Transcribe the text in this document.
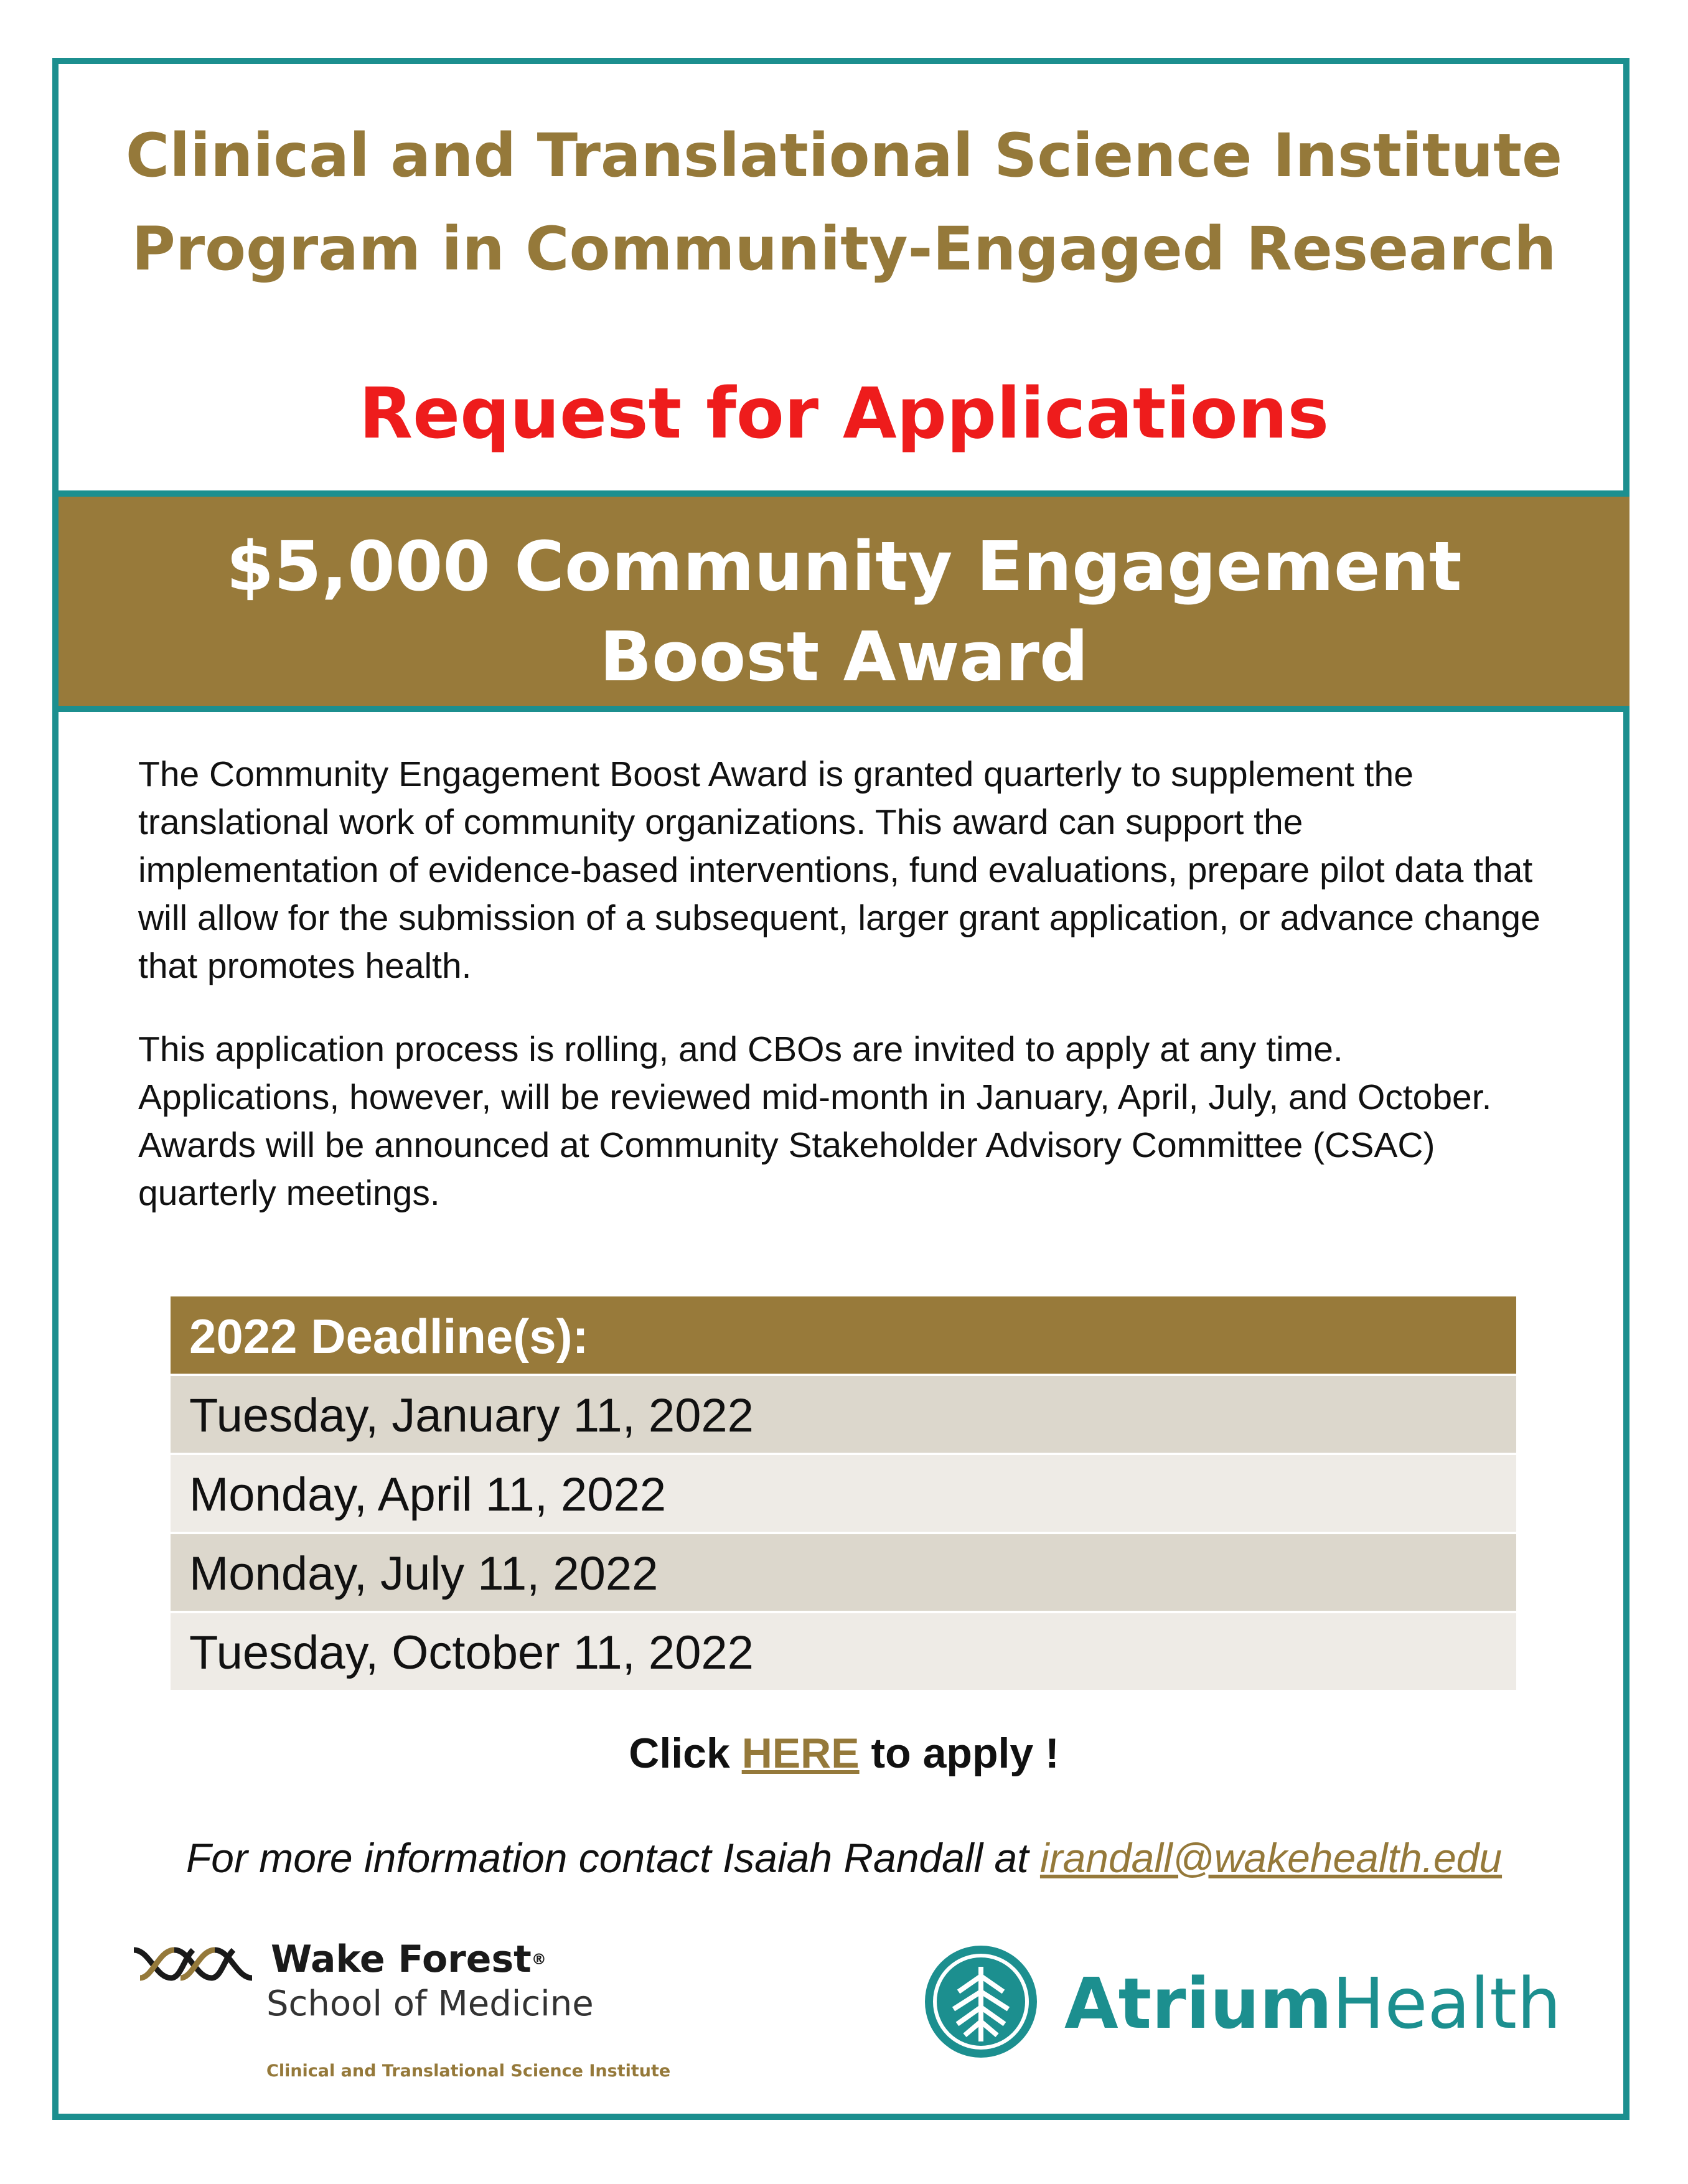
Clinical and Translational Science Institute
Program in Community-Engaged Research
Request for Applications
$5,000 Community Engagement
Boost Award

The Community Engagement Boost Award is granted quarterly to supplement the translational work of community organizations. This award can support the implementation of evidence-based interventions, fund evaluations, prepare pilot data that will allow for the submission of a subsequent, larger grant application, or advance change that promotes health.

This application process is rolling, and CBOs are invited to apply at any time. Applications, however, will be reviewed mid-month in January, April, July, and October. Awards will be announced at Community Stakeholder Advisory Committee (CSAC) quarterly meetings.

2022 Deadline(s):
Tuesday, January 11, 2022
Monday, April 11, 2022
Monday, July 11, 2022
Tuesday, October 11, 2022

Click HERE to apply !

For more information contact Isaiah Randall at irandall@wakehealth.edu

Wake Forest®
School of Medicine
Clinical and Translational Science Institute
AtriumHealth
